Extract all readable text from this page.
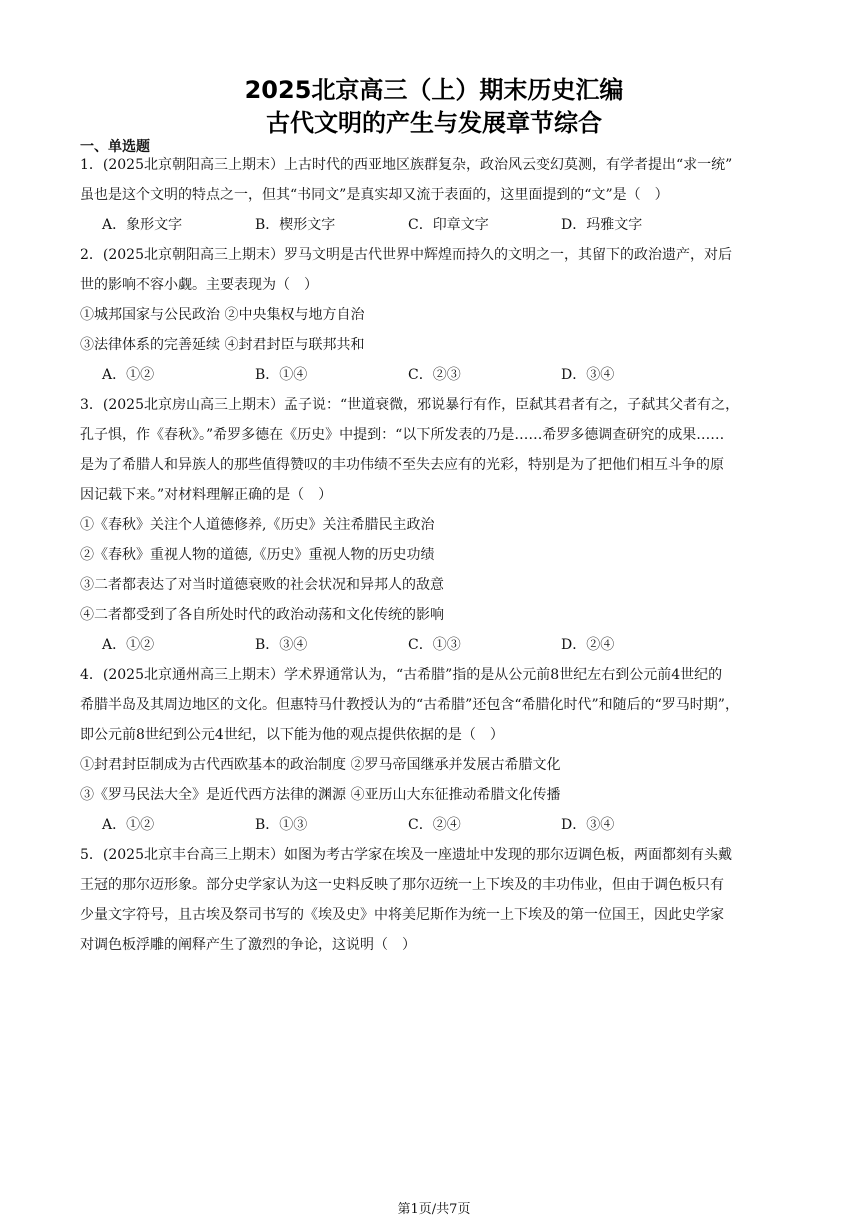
2025北京高三（上）期末历史汇编
古代文明的产生与发展章节综合
一、单选题

1．(2025北京朝阳高三上期末）上古时代的西亚地区族群复杂，政治风云变幻莫测，有学者提出“求一统”

虽也是这个文明的特点之一，但其“书同文”是真实却又流于表面的，这里面提到的“文”是（　）

A．象形文字	B．楔形文字	C．印章文字	D．玛雅文字

2．(2025北京朝阳高三上期末）罗马文明是古代世界中辉煌而持久的文明之一，其留下的政治遗产，对后

世的影响不容小觑。主要表现为（　）

①城邦国家与公民政治 ②中央集权与地方自治

③法律体系的完善延续 ④封君封臣与联邦共和

A．①②	B．①④	C．②③	D．③④

3．(2025北京房山高三上期末）孟子说：“世道衰微，邪说暴行有作，臣弑其君者有之，子弑其父者有之，

孔子惧，作《春秋》。”希罗多德在《历史》中提到：“以下所发表的乃是……希罗多德调查研究的成果……

是为了希腊人和异族人的那些值得赞叹的丰功伟绩不至失去应有的光彩，特别是为了把他们相互斗争的原

因记载下来。”对材料理解正确的是（　）

①《春秋》关注个人道德修养,《历史》关注希腊民主政治

②《春秋》重视人物的道德,《历史》重视人物的历史功绩

③二者都表达了对当时道德衰败的社会状况和异邦人的敌意

④二者都受到了各自所处时代的政治动荡和文化传统的影响

A．①②	B．③④	C．①③	D．②④

4．(2025北京通州高三上期末）学术界通常认为，“古希腊”指的是从公元前8世纪左右到公元前4世纪的

希腊半岛及其周边地区的文化。但惠特马什教授认为的“古希腊”还包含“希腊化时代”和随后的“罗马时期”，

即公元前8世纪到公元4世纪，以下能为他的观点提供依据的是（　）

①封君封臣制成为古代西欧基本的政治制度 ②罗马帝国继承并发展古希腊文化

③《罗马民法大全》是近代西方法律的渊源 ④亚历山大东征推动希腊文化传播

A．①②	B．①③	C．②④	D．③④

5．(2025北京丰台高三上期末）如图为考古学家在埃及一座遗址中发现的那尔迈调色板，两面都刻有头戴

王冠的那尔迈形象。部分史学家认为这一史料反映了那尔迈统一上下埃及的丰功伟业，但由于调色板只有

少量文字符号，且古埃及祭司书写的《埃及史》中将美尼斯作为统一上下埃及的第一位国王，因此史学家

对调色板浮雕的阐释产生了激烈的争论，这说明（　）

第1页/共7页
